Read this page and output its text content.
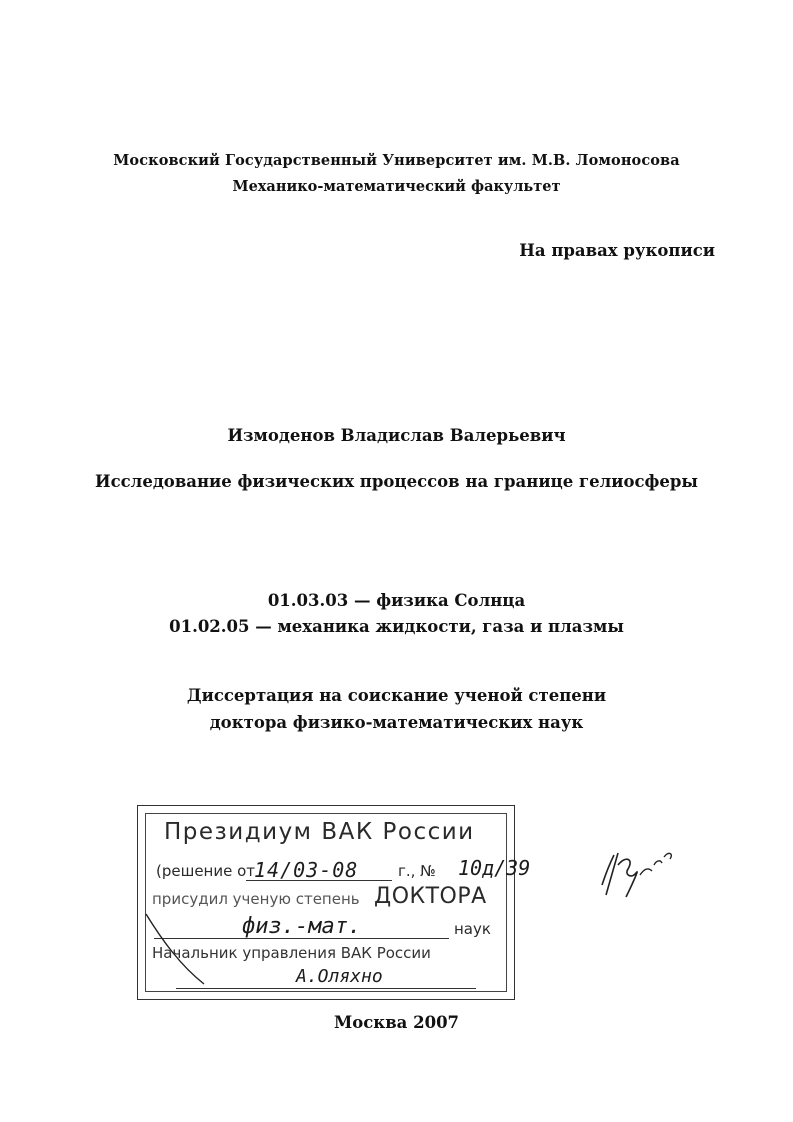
Московский Государственный Университет им. М.В. Ломоносова
Механико-математический факультет
На правах рукописи
Измоденов Владислав Валерьевич
Исследование физических процессов на границе гелиосферы
01.03.03 — физика Солнца
01.02.05 — механика жидкости, газа и плазмы
Диссертация на соискание ученой степени
доктора физико-математических наук
Президиум ВАК России
(решение от
14/03-08	г., № 10д/39
присудил ученую степень ДОКТОРА
физ.-мат.	наук
Начальник управления ВАК России
А.Оляхно
Москва 2007
